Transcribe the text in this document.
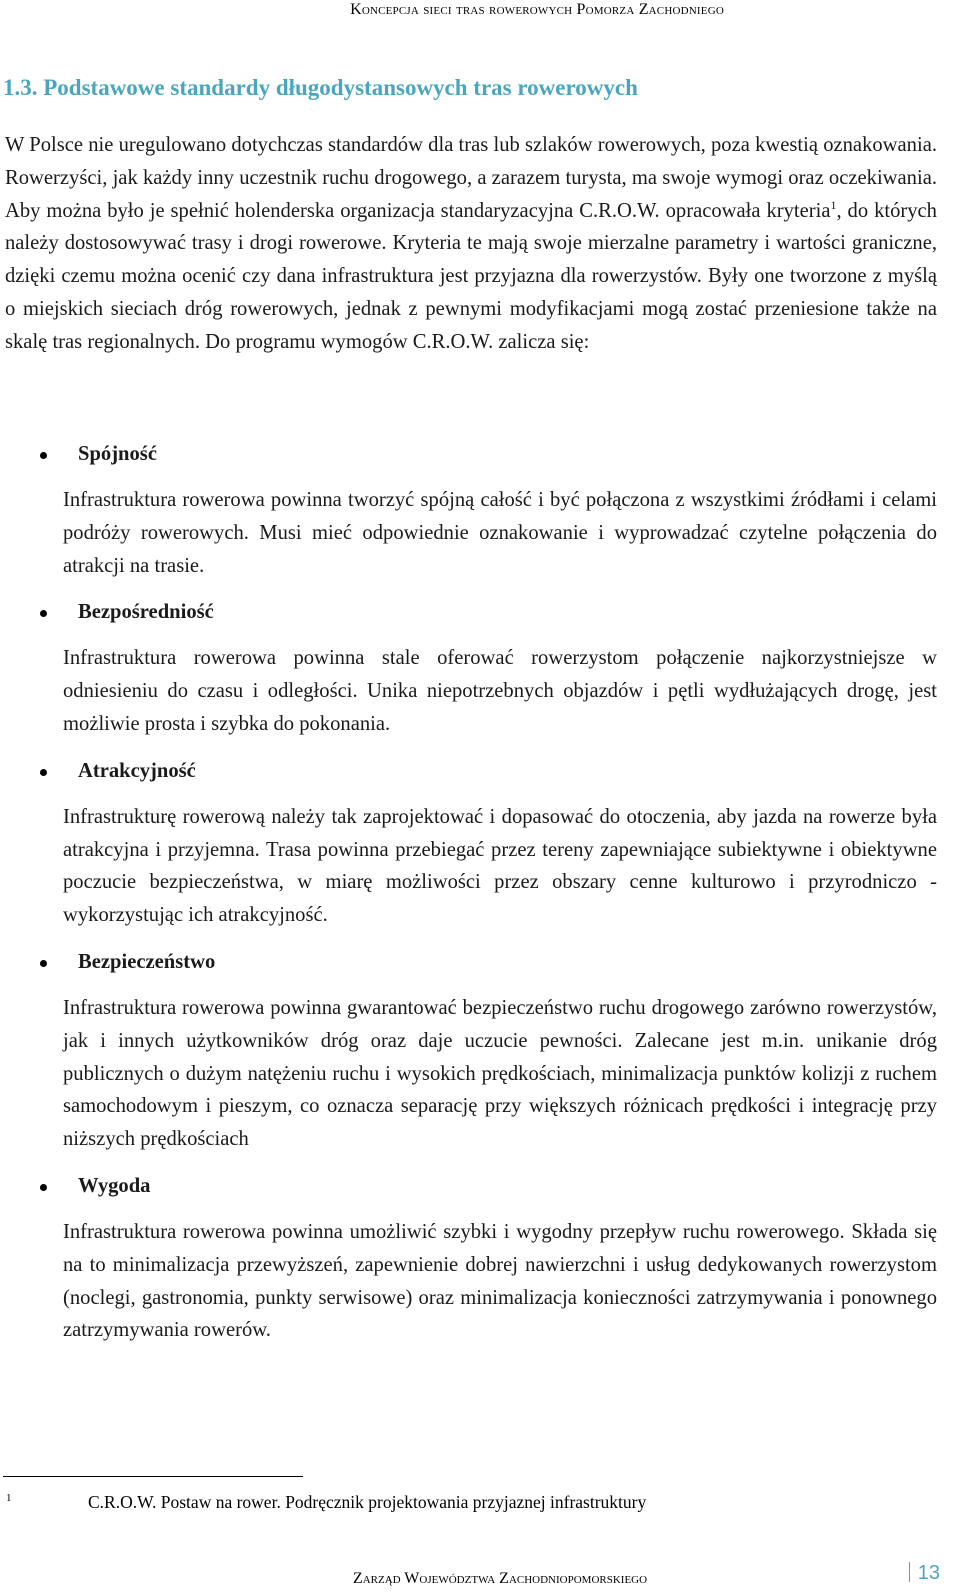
Koncepcja sieci tras rowerowych Pomorza Zachodniego
1.3. Podstawowe standardy długodystansowych tras rowerowych

W Polsce nie uregulowano dotychczas standardów dla tras lub szlaków rowerowych, poza kwestią oznakowania. Rowerzyści, jak każdy inny uczestnik ruchu drogowego, a zarazem turysta, ma swoje wymogi oraz oczekiwania. Aby można było je spełnić holenderska organizacja standaryzacyjna C.R.O.W. opracowała kryteria$^1$, do których należy dostosowywać trasy i drogi rowerowe. Kryteria te mają swoje mierzalne parametry i wartości graniczne, dzięki czemu można ocenić czy dana infrastruktura jest przyjazna dla rowerzystów. Były one tworzone z myślą o miejskich sieciach dróg rowerowych, jednak z pewnymi modyfikacjami mogą zostać przeniesione także na skalę tras regionalnych. Do programu wymogów C.R.O.W. zalicza się:

Spójność

Infrastruktura rowerowa powinna tworzyć spójną całość i być połączona z wszystkimi źródłami i celami podróży rowerowych. Musi mieć odpowiednie oznakowanie i wyprowadzać czytelne połączenia do atrakcji na trasie.

Bezpośredniość

Infrastruktura rowerowa powinna stale oferować rowerzystom połączenie najkorzystniejsze w odniesieniu do czasu i odległości. Unika niepotrzebnych objazdów i pętli wydłużających drogę, jest możliwie prosta i szybka do pokonania.

Atrakcyjność

Infrastrukturę rowerową należy tak zaprojektować i dopasować do otoczenia, aby jazda na rowerze była atrakcyjna i przyjemna. Trasa powinna przebiegać przez tereny zapewniające subiektywne i obiektywne poczucie bezpieczeństwa, w miarę możliwości przez obszary cenne kulturowo i przyrodniczo - wykorzystując ich atrakcyjność.

Bezpieczeństwo

Infrastruktura rowerowa powinna gwarantować bezpieczeństwo ruchu drogowego zarówno rowerzystów, jak i innych użytkowników dróg oraz daje uczucie pewności. Zalecane jest m.in. unikanie dróg publicznych o dużym natężeniu ruchu i wysokich prędkościach, minimalizacja punktów kolizji z ruchem samochodowym i pieszym, co oznacza separację przy większych różnicach prędkości i integrację przy niższych prędkościach

Wygoda

Infrastruktura rowerowa powinna umożliwić szybki i wygodny przepływ ruchu rowerowego. Składa się na to minimalizacja przewyższeń, zapewnienie dobrej nawierzchni i usług dedykowanych rowerzystom (noclegi, gastronomia, punkty serwisowe) oraz minimalizacja konieczności zatrzymywania i ponownego zatrzymywania rowerów.

1	C.R.O.W. Postaw na rower. Podręcznik projektowania przyjaznej infrastruktury
Zarząd Województwa Zachodniopomorskiego	13
